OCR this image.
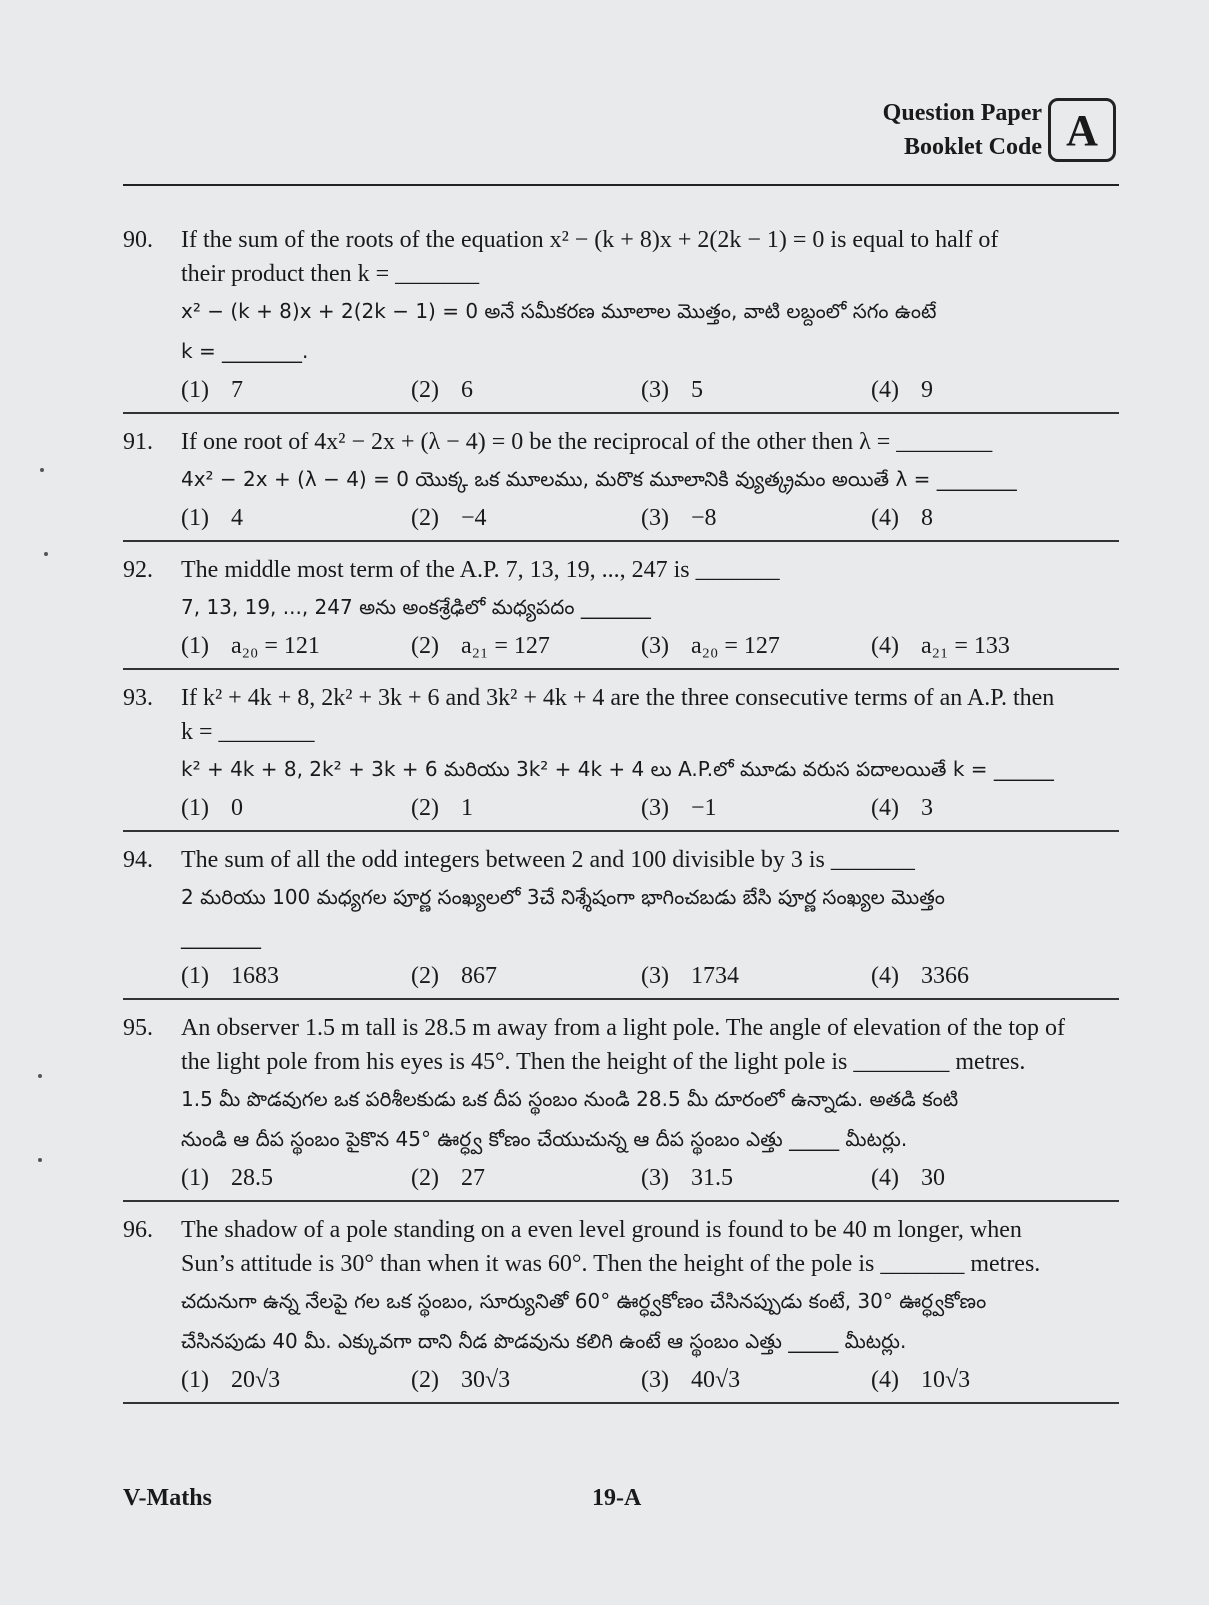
Question Paper
Booklet Code A
90. If the sum of the roots of the equation x² − (k + 8)x + 2(2k − 1) = 0 is equal to half of
their product then k = _______
x² − (k + 8)x + 2(2k − 1) = 0 అనే సమీకరణ మూలాల మొత్తం, వాటి లబ్దంలో సగం ఉంటే
k = ________.
(1) 7	(2) 6	(3) 5	(4) 9
91. If one root of 4x² − 2x + (λ − 4) = 0 be the reciprocal of the other then λ = ________
4x² − 2x + (λ − 4) = 0 యొక్క ఒక మూలము, మరొక మూలానికి వ్యుత్క్రమం అయితే λ = ________
(1) 4	(2) −4	(3) −8	(4) 8
92. The middle most term of the A.P. 7, 13, 19, ..., 247 is _______
7, 13, 19, ..., 247 అను అంకశ్రేఢిలో మధ్యపదం _______
(1) a₂₀ = 121	(2) a₂₁ = 127	(3) a₂₀ = 127	(4) a₂₁ = 133
93. If k² + 4k + 8, 2k² + 3k + 6 and 3k² + 4k + 4 are the three consecutive terms of an A.P. then
k = ________
k² + 4k + 8, 2k² + 3k + 6 మరియు 3k² + 4k + 4 లు A.P.లో మూడు వరుస పదాలయితే k = ______
(1) 0	(2) 1	(3) −1	(4) 3
94. The sum of all the odd integers between 2 and 100 divisible by 3 is _______
2 మరియు 100 మధ్యగల పూర్ణ సంఖ్యలలో 3చే నిశ్శేషంగా భాగించబడు బేసి పూర్ణ సంఖ్యల మొత్తం
________
(1) 1683	(2) 867	(3) 1734	(4) 3366
95. An observer 1.5 m tall is 28.5 m away from a light pole. The angle of elevation of the top of
the light pole from his eyes is 45°. Then the height of the light pole is ________ metres.
1.5 మీ పొడవుగల ఒక పరిశీలకుడు ఒక దీప స్థంబం నుండి 28.5 మీ దూరంలో ఉన్నాడు. అతడి కంటి
నుండి ఆ దీప స్థంబం పైకొన 45° ఊర్ధ్వ కోణం చేయుచున్న ఆ దీప స్థంబం ఎత్తు _____ మీటర్లు.
(1) 28.5	(2) 27	(3) 31.5	(4) 30
96. The shadow of a pole standing on a even level ground is found to be 40 m longer, when
Sun’s attitude is 30° than when it was 60°. Then the height of the pole is _______ metres.
చదునుగా ఉన్న నేలపై గల ఒక స్థంబం, సూర్యునితో 60° ఊర్ధ్వకోణం చేసినప్పుడు కంటే, 30° ఊర్ధ్వకోణం
చేసినపుడు 40 మీ. ఎక్కువగా దాని నీడ పొడవును కలిగి ఉంటే ఆ స్థంబం ఎత్తు _____ మీటర్లు.
(1) 20√3	(2) 30√3	(3) 40√3	(4) 10√3
V-Maths	19-A
